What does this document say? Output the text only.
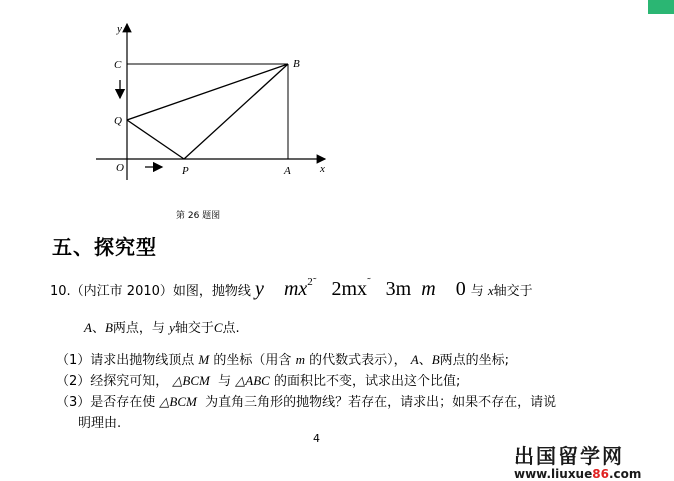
y
C	B
Q
O	P	A	x
第 26 题图
五、探究型
10.（内江市 2010）如图，抛物线 y $mx^{2˜}$ 2mx˜ 3m m 0 与 x轴交于
A、B两点，与 y轴交于C点.
（1）请求出抛物线顶点 M 的坐标（用含 m 的代数式表示）， A、B两点的坐标;
（2）经探究可知， △BCM 与 △ABC 的面积比不变，试求出这个比值;
（3）是否存在使 △BCM 为直角三角形的抛物线？若存在，请求出；如果不存在，请说
明理由.
4
出国留学网
www.liuxue86.com
